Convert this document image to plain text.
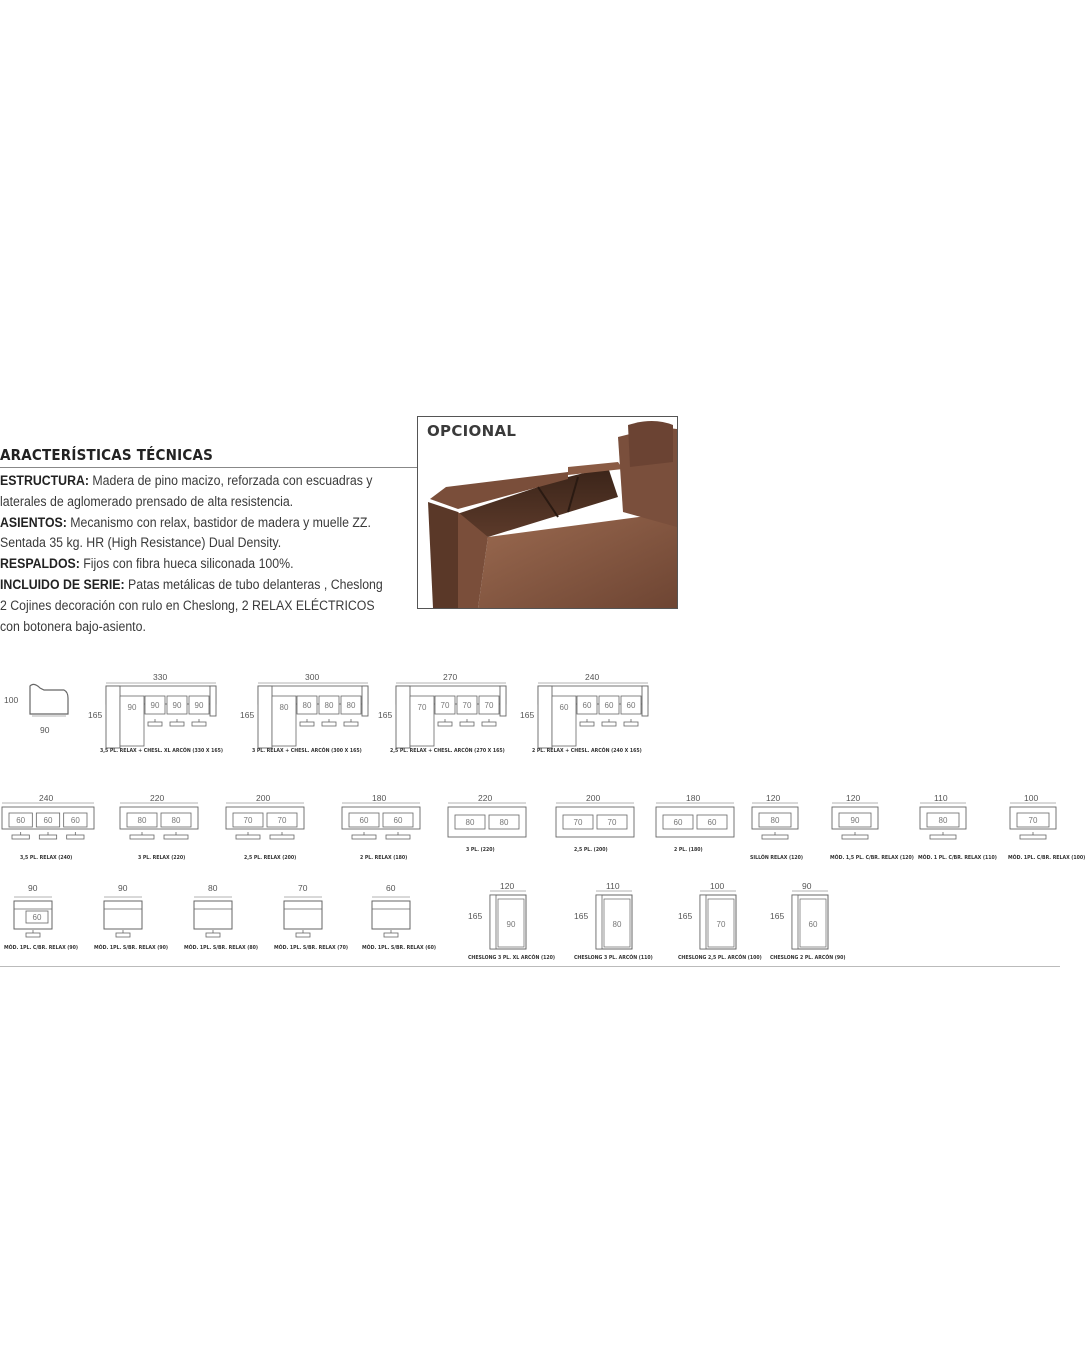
ARACTERÍSTICAS TÉCNICAS
ESTRUCTURA: Madera de pino macizo, reforzada con escuadras y
laterales de aglomerado prensado de alta resistencia.
ASIENTOS: Mecanismo con relax, bastidor de madera y muelle ZZ.
Sentada 35 kg. HR (High Resistance) Dual Density.
RESPALDOS: Fijos con fibra hueca siliconada 100%.
INCLUIDO DE SERIE: Patas metálicas de tubo delanteras , Cheslong
2 Cojines decoración con rulo en Cheslong, 2 RELAX ELÉCTRICOS
con botonera bajo-asiento.
OPCIONAL
100
90
90 90 90
90
330
165
3,5 PL. RELAX + CHESL. XL ARCÓN (330 X 165)
80 80 80
80
300
165
3 PL. RELAX + CHESL. ARCÓN (300 X 165)
70 70 70
70
270
165
2,5 PL. RELAX + CHESL. ARCÓN (270 X 165)
60 60 60
60
240
165
2 PL. RELAX + CHESL. ARCÓN (240 X 165)
60 60 60
240
3,5 PL. RELAX (240)
80	80
220
3 PL. RELAX (220)
70	70
200
2,5 PL. RELAX (200)
60	60
180
2 PL. RELAX (180)
80	80
220
3 PL. (220)
70	70
200
2,5 PL. (200)
60	60
180
2 PL. (180)
80
120
SILLÓN RELAX (120)
90
120
MÓD. 1,5 PL. C/BR. RELAX (120)
80
110
MÓD. 1 PL. C/BR. RELAX (110)
70
100
MÓD. 1PL. C/BR. RELAX (100)
60
90
MÓD. 1PL. C/BR. RELAX (90)
90
MÓD. 1PL. S/BR. RELAX (90)
80
MÓD. 1PL. S/BR. RELAX (80)
70
MÓD. 1PL. S/BR. RELAX (70)
60
MÓD. 1PL. S/BR. RELAX (60)
90
120
165
CHESLONG 3 PL. XL ARCÓN (120)
80
110
165
CHESLONG 3 PL. ARCÓN (110)
70
100
165
CHESLONG 2,5 PL. ARCÓN (100)
60
90
165
CHESLONG 2 PL. ARCÓN (90)
